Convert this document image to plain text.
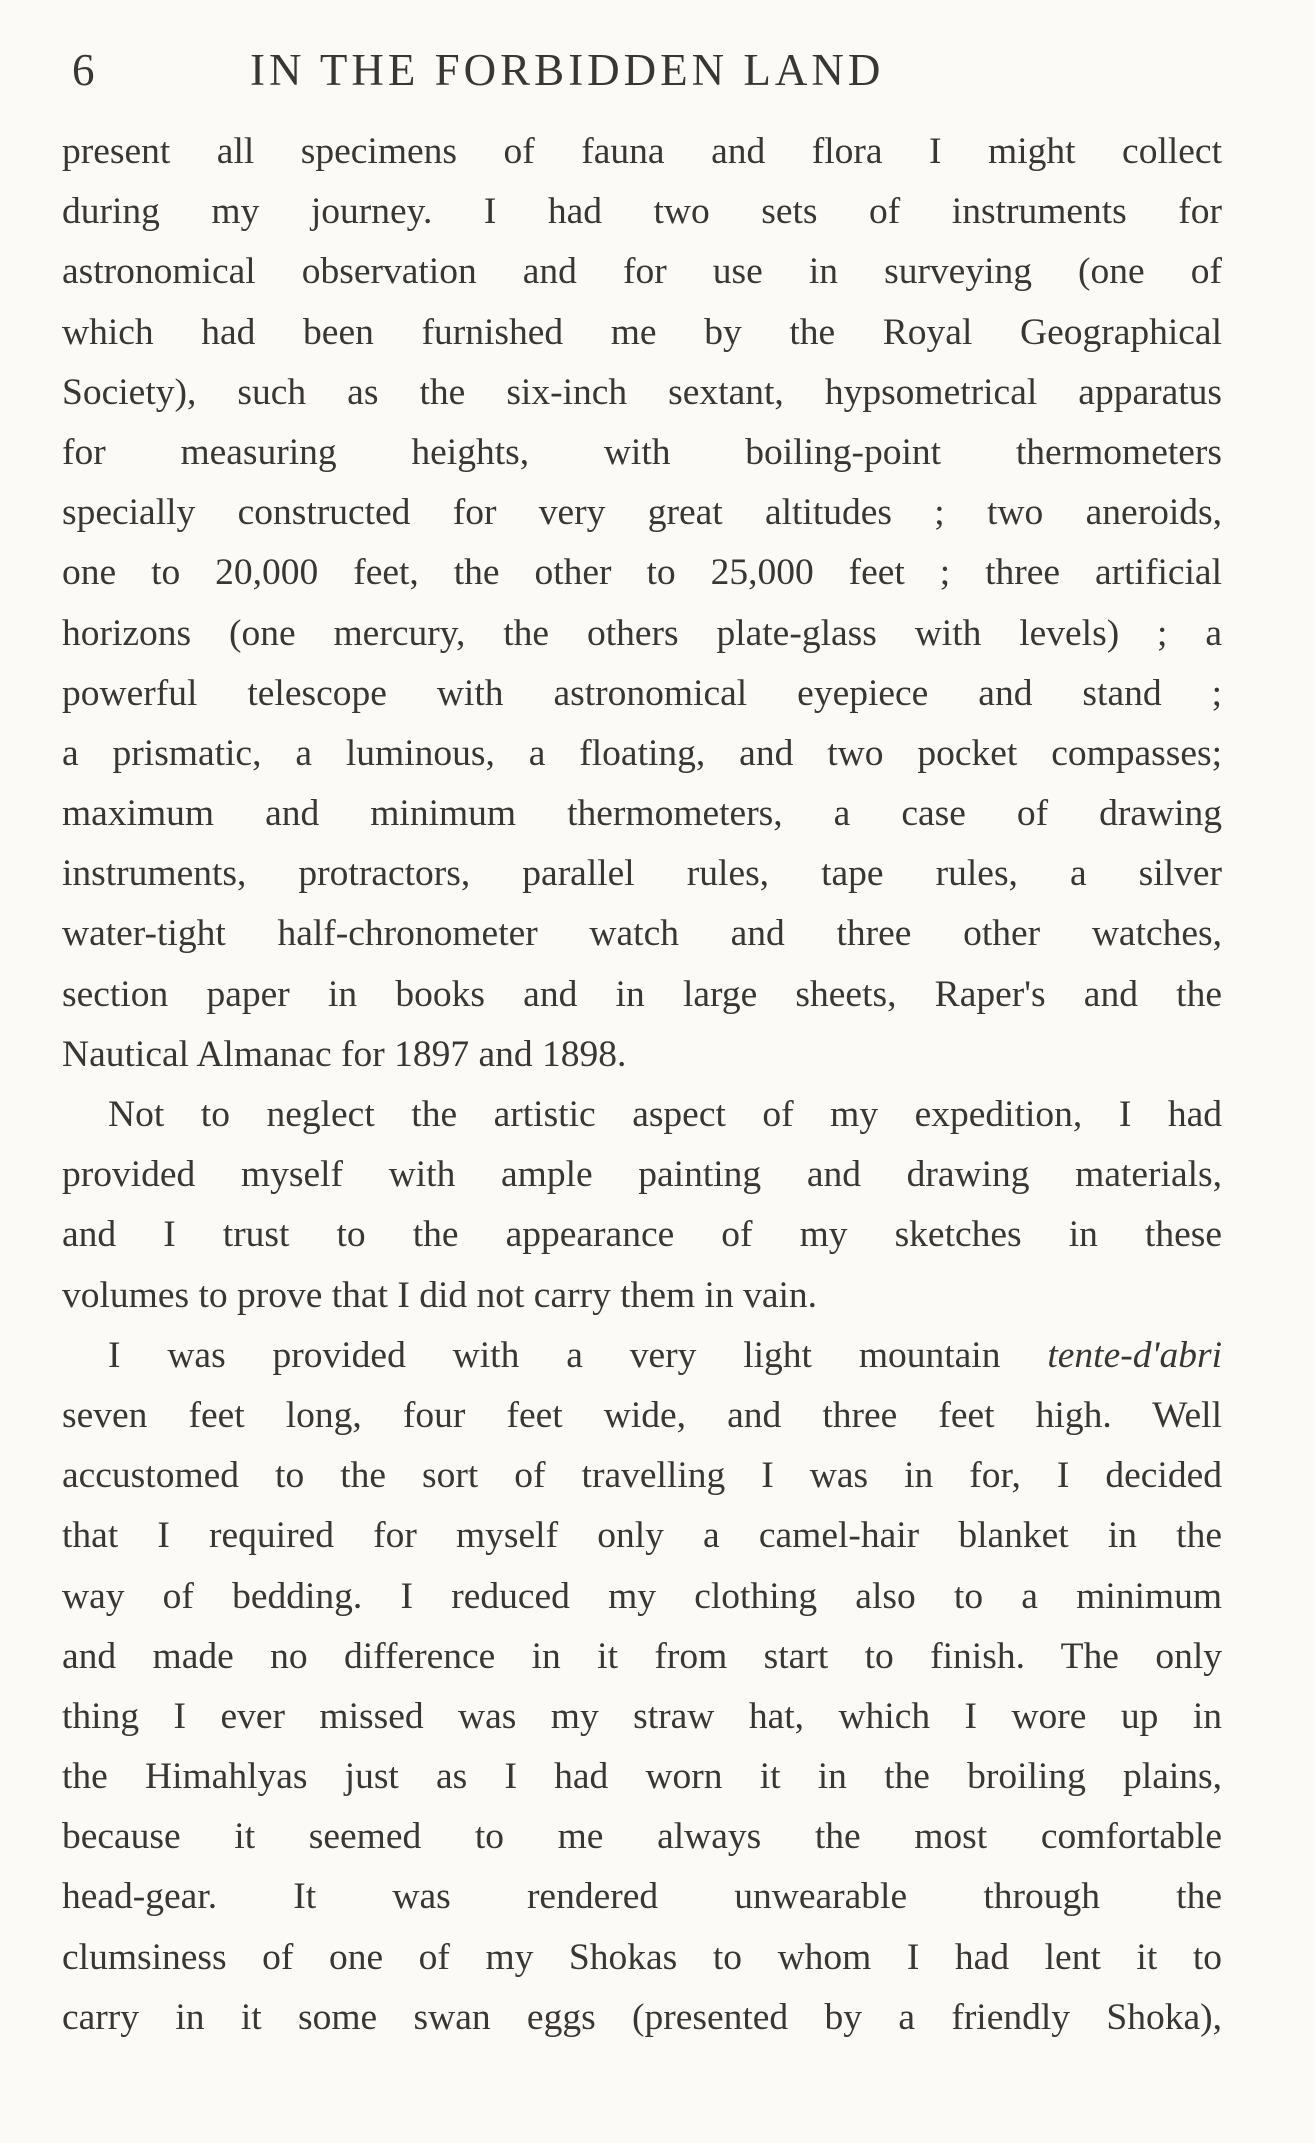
6	IN THE FORBIDDEN LAND
present all specimens of fauna and flora I might collect
during my journey. I had two sets of instruments for
astronomical observation and for use in surveying (one of
which had been furnished me by the Royal Geographical
Society), such as the six-inch sextant, hypsometrical apparatus
for measuring heights, with boiling-point thermometers
specially constructed for very great altitudes ; two aneroids,
one to 20,000 feet, the other to 25,000 feet ; three artificial
horizons (one mercury, the others plate-glass with levels) ; a
powerful telescope with astronomical eyepiece and stand ;
a prismatic, a luminous, a floating, and two pocket compasses;
maximum and minimum thermometers, a case of drawing
instruments, protractors, parallel rules, tape rules, a silver
water-tight half-chronometer watch and three other watches,
section paper in books and in large sheets, Raper's and the
Nautical Almanac for 1897 and 1898.
Not to neglect the artistic aspect of my expedition, I had
provided myself with ample painting and drawing materials,
and I trust to the appearance of my sketches in these
volumes to prove that I did not carry them in vain.
I was provided with a very light mountain tente-d'abri
seven feet long, four feet wide, and three feet high. Well
accustomed to the sort of travelling I was in for, I decided
that I required for myself only a camel-hair blanket in the
way of bedding. I reduced my clothing also to a minimum
and made no difference in it from start to finish. The only
thing I ever missed was my straw hat, which I wore up in
the Himahlyas just as I had worn it in the broiling plains,
because it seemed to me always the most comfortable
head-gear. It was rendered unwearable through the
clumsiness of one of my Shokas to whom I had lent it to
carry in it some swan eggs (presented by a friendly Shoka),
